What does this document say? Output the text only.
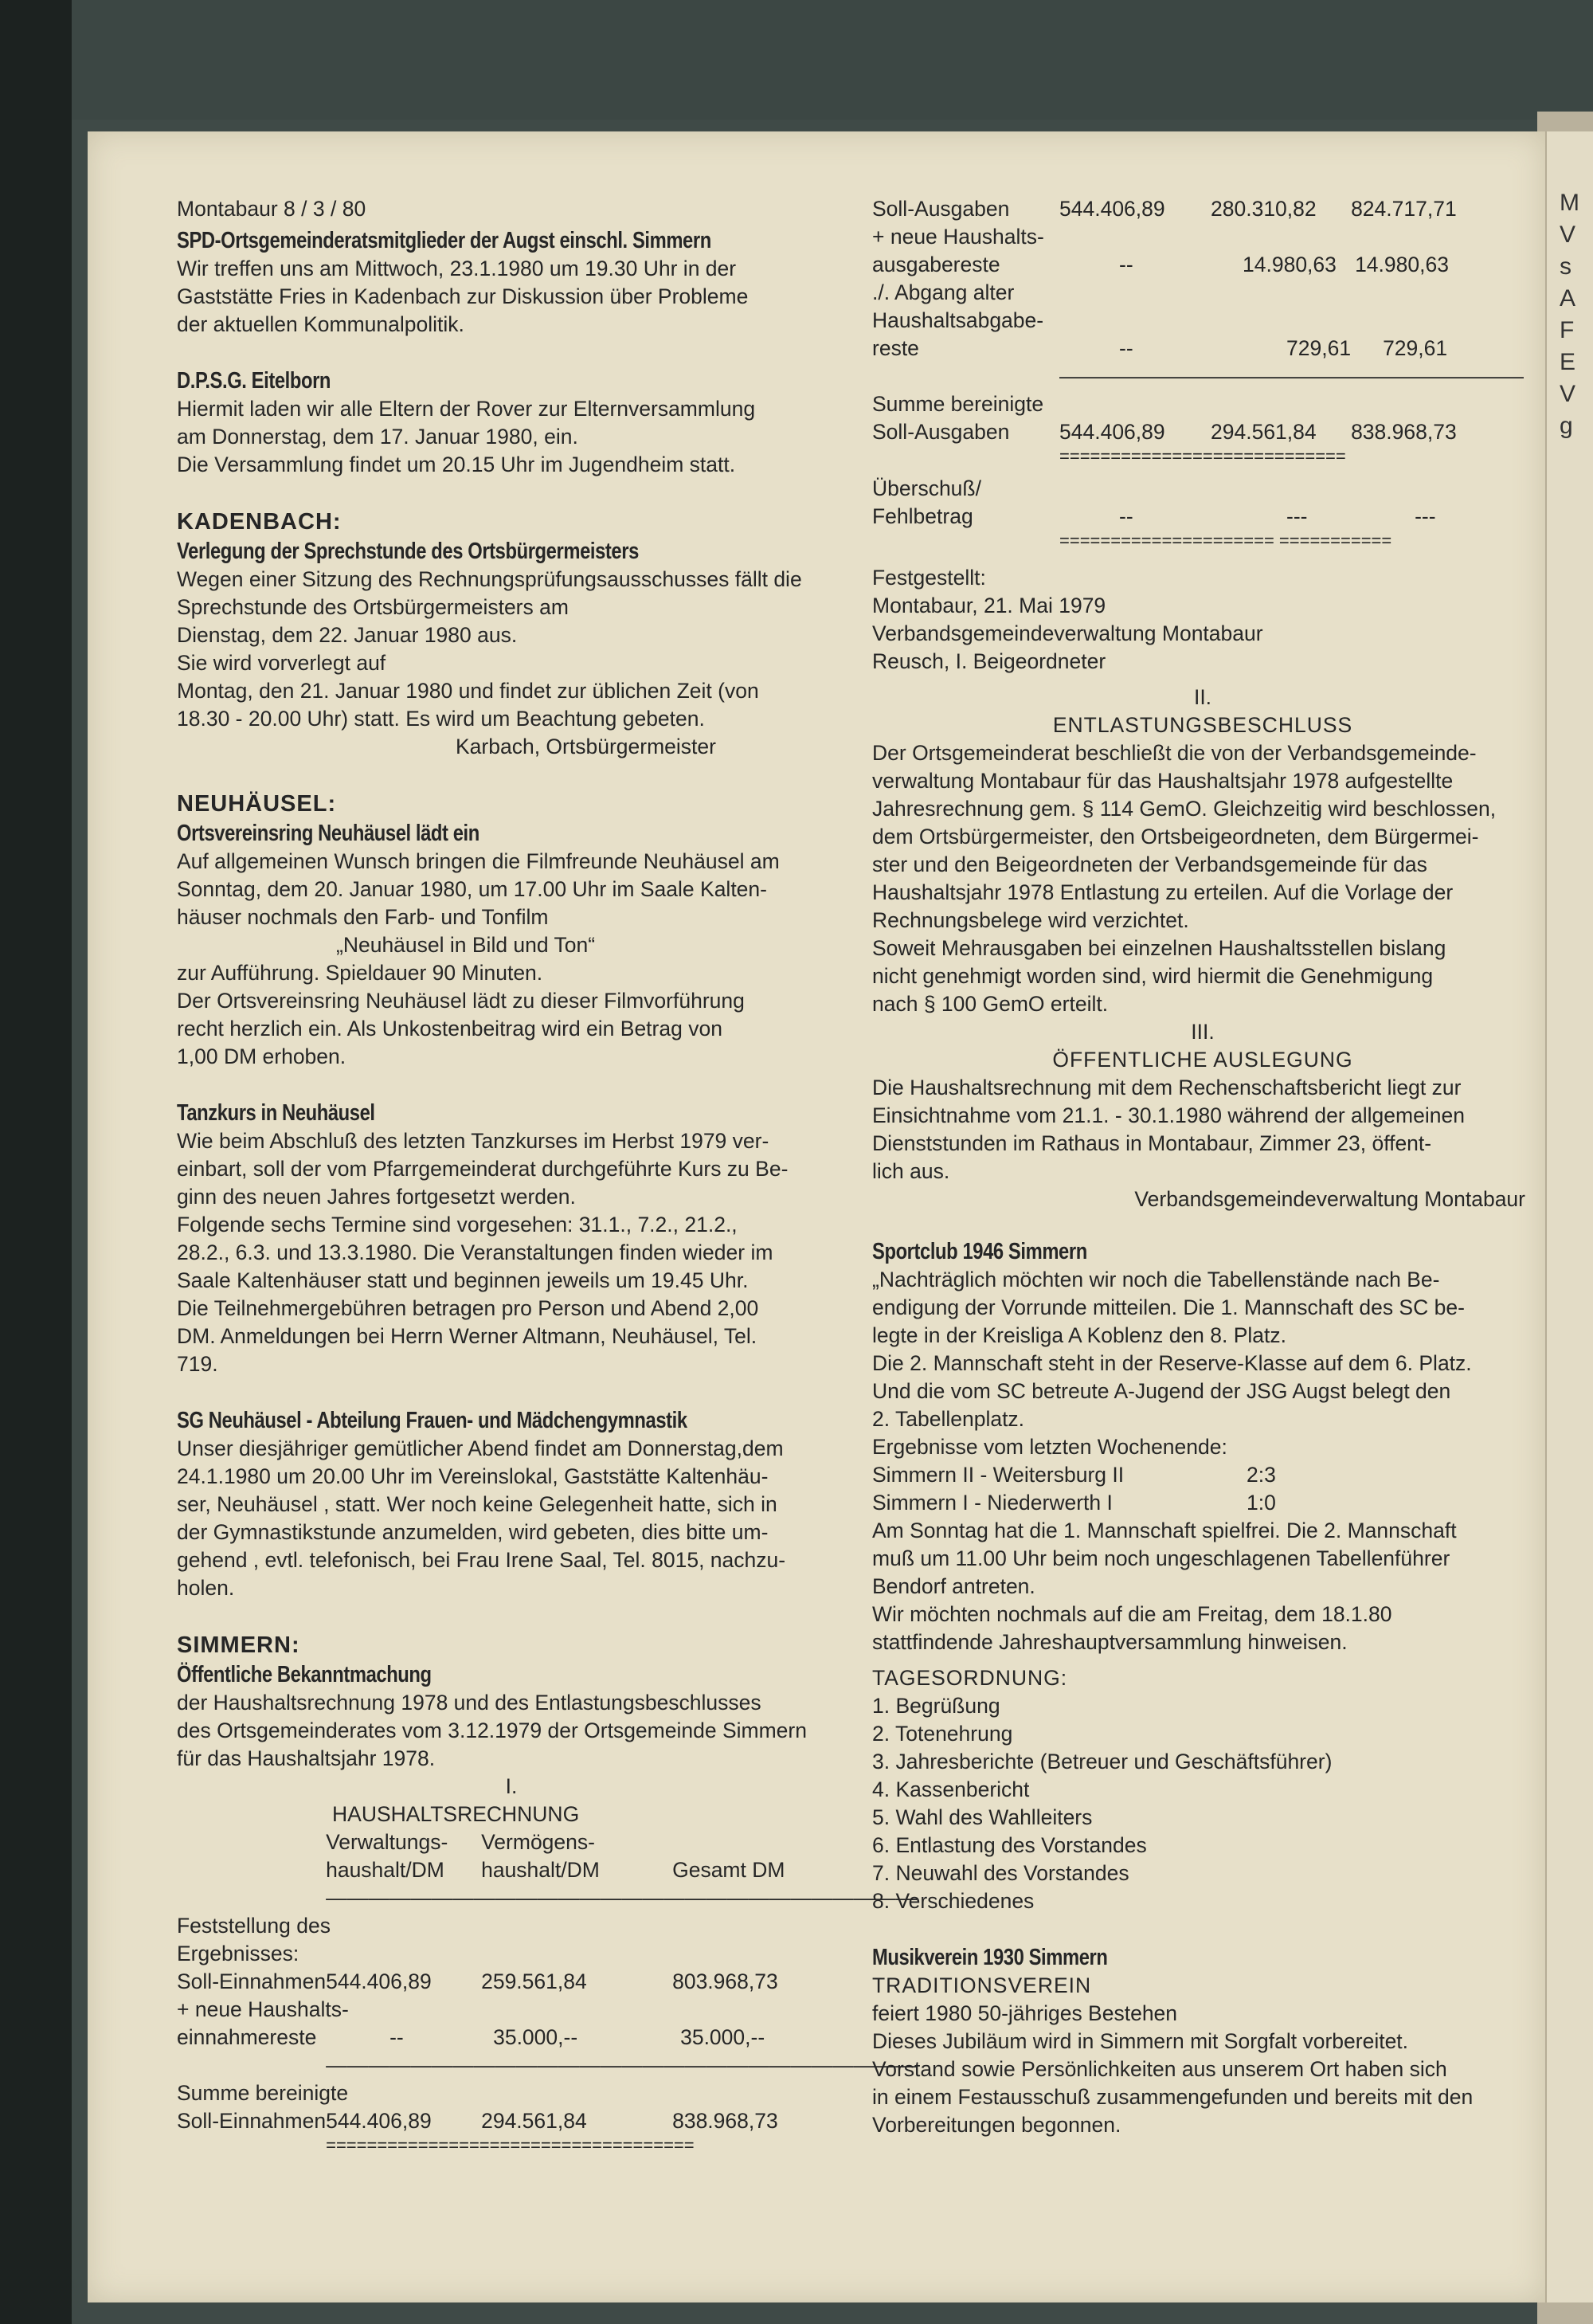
M
V
s
A
F
E
V
g
Montabaur 8 / 3 / 80
SPD-Ortsgemeinderatsmitglieder der Augst einschl. Simmern
Wir treffen uns am Mittwoch, 23.1.1980 um 19.30 Uhr in der
Gaststätte Fries in Kadenbach zur Diskussion über Probleme
der aktuellen Kommunalpolitik.
D.P.S.G. Eitelborn
Hiermit laden wir alle Eltern der Rover zur Elternversammlung
am Donnerstag, dem 17. Januar 1980, ein.
Die Versammlung findet um 20.15 Uhr im Jugendheim statt.
KADENBACH:
Verlegung der Sprechstunde des Ortsbürgermeisters
Wegen einer Sitzung des Rechnungsprüfungsausschusses fällt die
Sprechstunde des Ortsbürgermeisters am
Dienstag, dem 22. Januar 1980 aus.
Sie wird vorverlegt auf
Montag, den 21. Januar 1980 und findet zur üblichen Zeit (von
18.30 - 20.00 Uhr) statt. Es wird um Beachtung gebeten.
Karbach, Ortsbürgermeister
NEUHÄUSEL:
Ortsvereinsring Neuhäusel lädt ein
Auf allgemeinen Wunsch bringen die Filmfreunde Neuhäusel am
Sonntag, dem 20. Januar 1980, um 17.00 Uhr im Saale Kalten-
häuser nochmals den Farb- und Tonfilm
„Neuhäusel in Bild und Ton“
zur Aufführung. Spieldauer 90 Minuten.
Der Ortsvereinsring Neuhäusel lädt zu dieser Filmvorführung
recht herzlich ein. Als Unkostenbeitrag wird ein Betrag von
1,00 DM erhoben.
Tanzkurs in Neuhäusel
Wie beim Abschluß des letzten Tanzkurses im Herbst 1979 ver-
einbart, soll der vom Pfarrgemeinderat durchgeführte Kurs zu Be-
ginn des neuen Jahres fortgesetzt werden.
Folgende sechs Termine sind vorgesehen: 31.1., 7.2., 21.2.,
28.2., 6.3. und 13.3.1980. Die Veranstaltungen finden wieder im
Saale Kaltenhäuser statt und beginnen jeweils um 19.45 Uhr.
Die Teilnehmergebühren betragen pro Person und Abend 2,00
DM. Anmeldungen bei Herrn Werner Altmann, Neuhäusel, Tel.
719.
SG Neuhäusel - Abteilung Frauen- und Mädchengymnastik
Unser diesjähriger gemütlicher Abend findet am Donnerstag,dem
24.1.1980 um 20.00 Uhr im Vereinslokal, Gaststätte Kaltenhäu-
ser, Neuhäusel , statt. Wer noch keine Gelegenheit hatte, sich in
der Gymnastikstunde anzumelden, wird gebeten, dies bitte um-
gehend , evtl. telefonisch, bei Frau Irene Saal, Tel. 8015, nachzu-
holen.
SIMMERN:
Öffentliche Bekanntmachung
der Haushaltsrechnung 1978 und des Entlastungsbeschlusses
des Ortsgemeinderates vom 3.12.1979 der Ortsgemeinde Simmern
für das Haushaltsjahr 1978.
I.
HAUSHALTSRECHNUNG
	Verwaltungs-	Vermögens-	
	haushalt/DM	haushalt/DM	Gesamt DM
	————————————————————————————		
Feststellung des			
Ergebnisses:			
Soll-Einnahmen	544.406,89	259.561,84	803.968,73
+ neue Haushalts-			
einnahmereste	--	35.000,--	35.000,--
	————————————————————————————		
Summe bereinigte			
Soll-Einnahmen	544.406,89	294.561,84	838.968,73
	====================================		
Soll-Ausgaben	544.406,89	280.310,82	824.717,71
+ neue Haushalts-			
ausgabereste	--	14.980,63	14.980,63
./. Abgang alter			
Haushaltsabgabe-			
reste	--	729,61	729,61
	——————————————————————		
Summe bereinigte			
Soll-Ausgaben	544.406,89	294.561,84	838.968,73
	============================		
Überschuß/			
Fehlbetrag	--	---	---
	===================== ===========		
Festgestellt:
Montabaur, 21. Mai 1979
Verbandsgemeindeverwaltung Montabaur
Reusch, I. Beigeordneter
II.
ENTLASTUNGSBESCHLUSS
Der Ortsgemeinderat beschließt die von der Verbandsgemeinde-
verwaltung Montabaur für das Haushaltsjahr 1978 aufgestellte
Jahresrechnung gem. § 114 GemO. Gleichzeitig wird beschlossen,
dem Ortsbürgermeister, den Ortsbeigeordneten, dem Bürgermei-
ster und den Beigeordneten der Verbandsgemeinde für das
Haushaltsjahr 1978 Entlastung zu erteilen. Auf die Vorlage der
Rechnungsbelege wird verzichtet.
Soweit Mehrausgaben bei einzelnen Haushaltsstellen bislang
nicht genehmigt worden sind, wird hiermit die Genehmigung
nach § 100 GemO erteilt.
III.
ÖFFENTLICHE AUSLEGUNG
Die Haushaltsrechnung mit dem Rechenschaftsbericht liegt zur
Einsichtnahme vom 21.1. - 30.1.1980 während der allgemeinen
Dienststunden im Rathaus in Montabaur, Zimmer 23, öffent-
lich aus.
Verbandsgemeindeverwaltung Montabaur
Sportclub 1946 Simmern
„Nachträglich möchten wir noch die Tabellenstände nach Be-
endigung der Vorrunde mitteilen. Die 1. Mannschaft des SC be-
legte in der Kreisliga A Koblenz den 8. Platz.
Die 2. Mannschaft steht in der Reserve-Klasse auf dem 6. Platz.
Und die vom SC betreute A-Jugend der JSG Augst belegt den
2. Tabellenplatz.
Ergebnisse vom letzten Wochenende:
Simmern II - Weitersburg II	2:3
Simmern I - Niederwerth I	1:0
Am Sonntag hat die 1. Mannschaft spielfrei. Die 2. Mannschaft
muß um 11.00 Uhr beim noch ungeschlagenen Tabellenführer
Bendorf antreten.
Wir möchten nochmals auf die am Freitag, dem 18.1.80
stattfindende Jahreshauptversammlung hinweisen.
TAGESORDNUNG:
1. Begrüßung
2. Totenehrung
3. Jahresberichte (Betreuer und Geschäftsführer)
4. Kassenbericht
5. Wahl des Wahlleiters
6. Entlastung des Vorstandes
7. Neuwahl des Vorstandes
8. Verschiedenes
Musikverein 1930 Simmern
TRADITIONSVEREIN
feiert 1980 50-jähriges Bestehen
Dieses Jubiläum wird in Simmern mit Sorgfalt vorbereitet.
Vorstand sowie Persönlichkeiten aus unserem Ort haben sich
in einem Festausschuß zusammengefunden und bereits mit den
Vorbereitungen begonnen.
